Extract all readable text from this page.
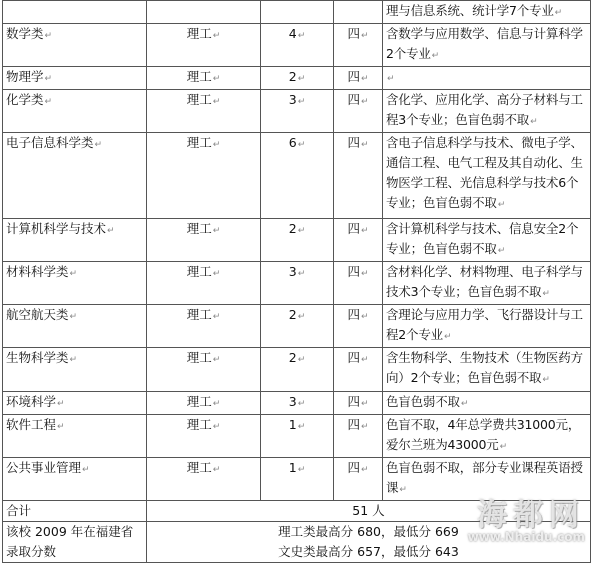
				理与信息系统、统计学7个专业 ↵
数学类 ↵	理工 ↵	4 ↵	四 ↵	含数学与应用数学、信息与计算科学2个专业 ↵
物理学 ↵	理工 ↵	2 ↵	四 ↵	↵
化学类 ↵	理工 ↵	3 ↵	四 ↵	含化学、应用化学、高分子材料与工程3个专业；色盲色弱不取 ↵
电子信息科学类 ↵	理工 ↵	6 ↵	四 ↵	含电子信息科学与技术、微电子学、通信工程、电气工程及其自动化、生物医学工程、光信息科学与技术6个专业；色盲色弱不取 ↵
计算机科学与技术 ↵	理工 ↵	2 ↵	四 ↵	含计算机科学与技术、信息安全2个专业；色盲色弱不取 ↵
材料科学类 ↵	理工 ↵	3 ↵	四 ↵	含材料化学、材料物理、电子科学与技术3个专业；色盲色弱不取 ↵
航空航天类 ↵	理工 ↵	2 ↵	四 ↵	含理论与应用力学、飞行器设计与工程2个专业 ↵
生物科学类 ↵	理工 ↵	2 ↵	四 ↵	含生物科学、生物技术（生物医药方向）2个专业；色盲色弱不取 ↵
环境科学 ↵	理工 ↵	3 ↵	四 ↵	色盲色弱不取 ↵
软件工程 ↵	理工 ↵	1 ↵	四 ↵	色盲不取，4年总学费共31000元，爱尔兰班为43000元 ↵
公共事业管理 ↵	理工 ↵	1 ↵	四 ↵	色盲色弱不取，部分专业课程英语授课 ↵
合计	51 人			
该校 2009 年在福建省录取分数	理工类最高分 680，最低分 669
文史类最高分 657，最低分 643			
海都网
www.Nhaidu.com
